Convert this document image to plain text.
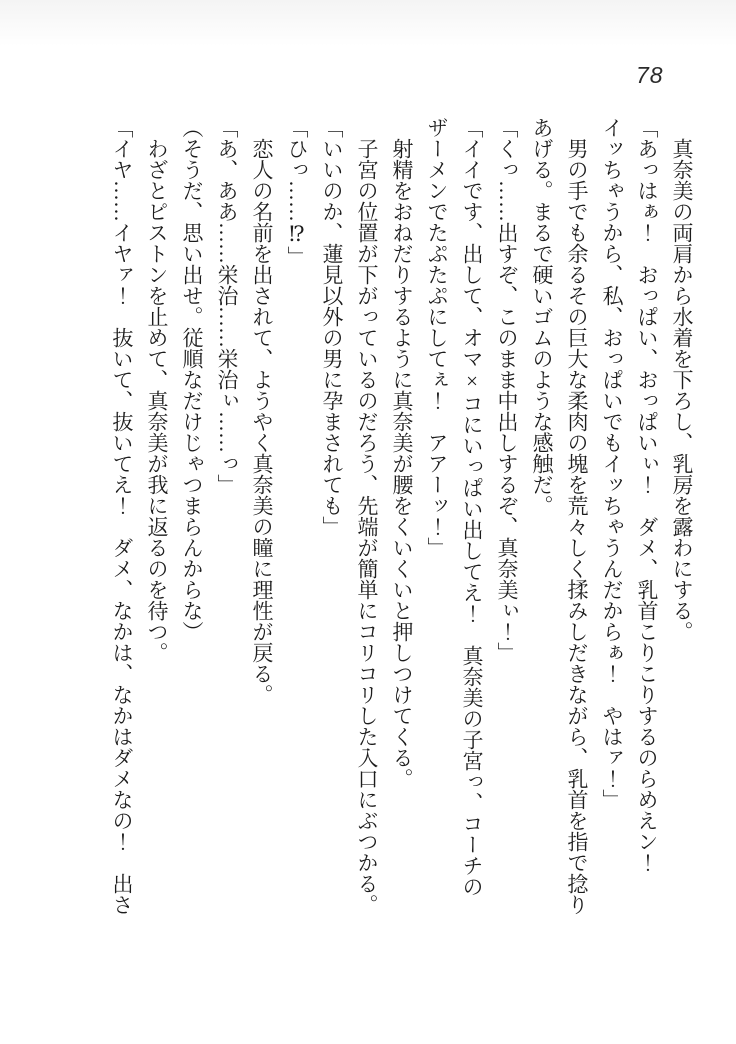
78

　真奈美の両肩から水着を下ろし、乳房を露わにする。

「あっはぁ！　おっぱい、おっぱいぃ！　ダメ、乳首こりこりするのらめえン！

イッちゃうから、私、おっぱいでもイッちゃうんだからぁ！　やはァ！」

　男の手でも余るその巨大な柔肉の塊を荒々しく揉みしだきながら、乳首を指で捻り

あげる。まるで硬いゴムのような感触だ。

「くっ……出すぞ、このまま中出しするぞ、真奈美ぃ！」

「イイです、出して、オマ×コにいっぱい出してえ！　真奈美の子宮っ、コーチの

ザーメンでたぷたぷにしてぇ！　アアーッ！」

　射精をおねだりするように真奈美が腰をくいくいと押しつけてくる。

　子宮の位置が下がっているのだろう、先端が簡単にコリコリした入口にぶつかる。

「いいのか、蓮見以外の男に孕まされても」

「ひっ……⁉」

　恋人の名前を出されて、ようやく真奈美の瞳に理性が戻る。

「あ、ああ……栄治……栄治ぃ……っ」

（そうだ、思い出せ。従順なだけじゃつまらんからな）

　わざとピストンを止めて、真奈美が我に返るのを待つ。

「イヤ……イヤァ！　抜いて、抜いてえ！　ダメ、なかは、なかはダメなの！　出さ
